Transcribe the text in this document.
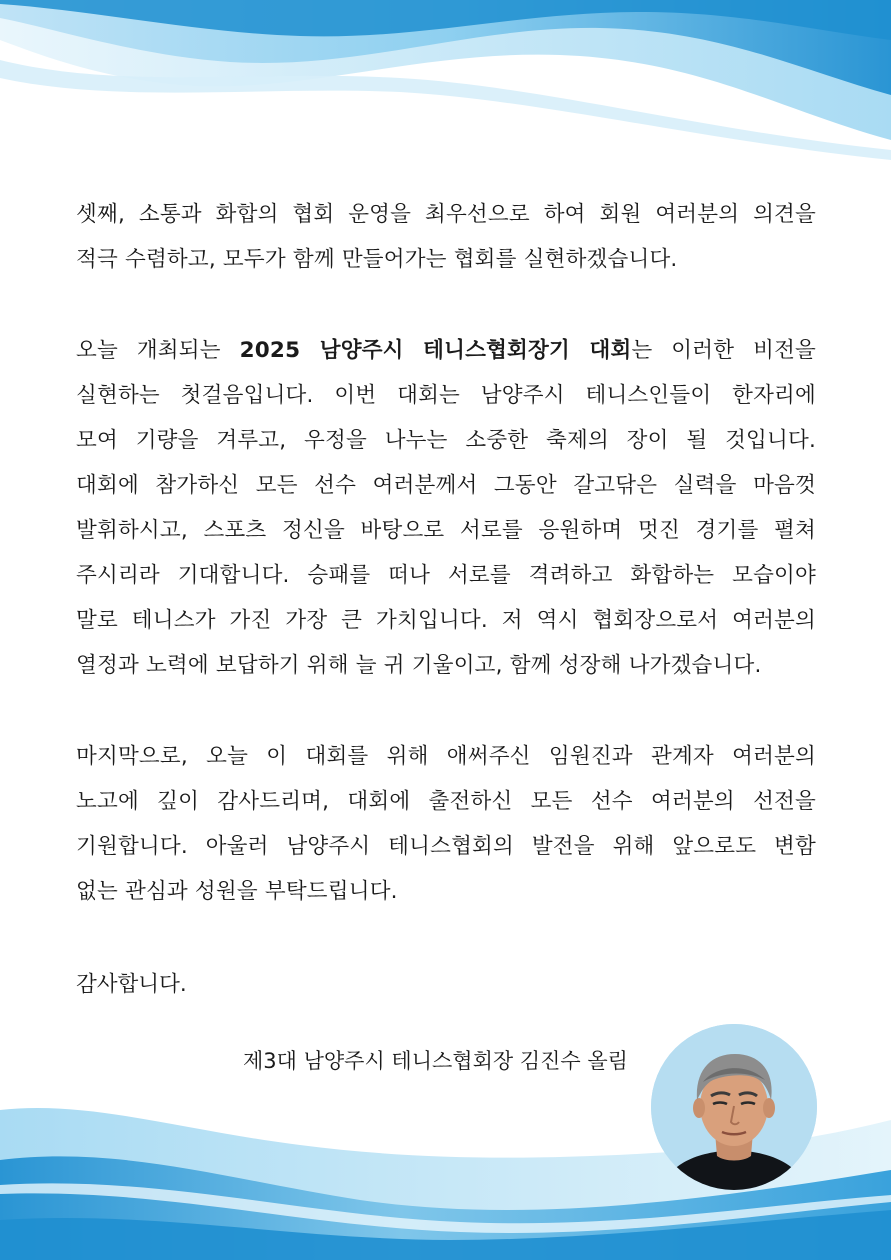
셋째, 소통과 화합의 협회 운영을 최우선으로 하여 회원 여러분의 의견을
적극 수렴하고, 모두가 함께 만들어가는 협회를 실현하겠습니다.
오늘 개최되는 2025 남양주시 테니스협회장기 대회는 이러한 비전을
실현하는 첫걸음입니다. 이번 대회는 남양주시 테니스인들이 한자리에
모여 기량을 겨루고, 우정을 나누는 소중한 축제의 장이 될 것입니다.
대회에 참가하신 모든 선수 여러분께서 그동안 갈고닦은 실력을 마음껏
발휘하시고, 스포츠 정신을 바탕으로 서로를 응원하며 멋진 경기를 펼쳐
주시리라 기대합니다. 승패를 떠나 서로를 격려하고 화합하는 모습이야
말로 테니스가 가진 가장 큰 가치입니다. 저 역시 협회장으로서 여러분의
열정과 노력에 보답하기 위해 늘 귀 기울이고, 함께 성장해 나가겠습니다.
마지막으로, 오늘 이 대회를 위해 애써주신 임원진과 관계자 여러분의
노고에 깊이 감사드리며, 대회에 출전하신 모든 선수 여러분의 선전을
기원합니다. 아울러 남양주시 테니스협회의 발전을 위해 앞으로도 변함
없는 관심과 성원을 부탁드립니다.
감사합니다.
제3대 남양주시 테니스협회장 김진수 올림
